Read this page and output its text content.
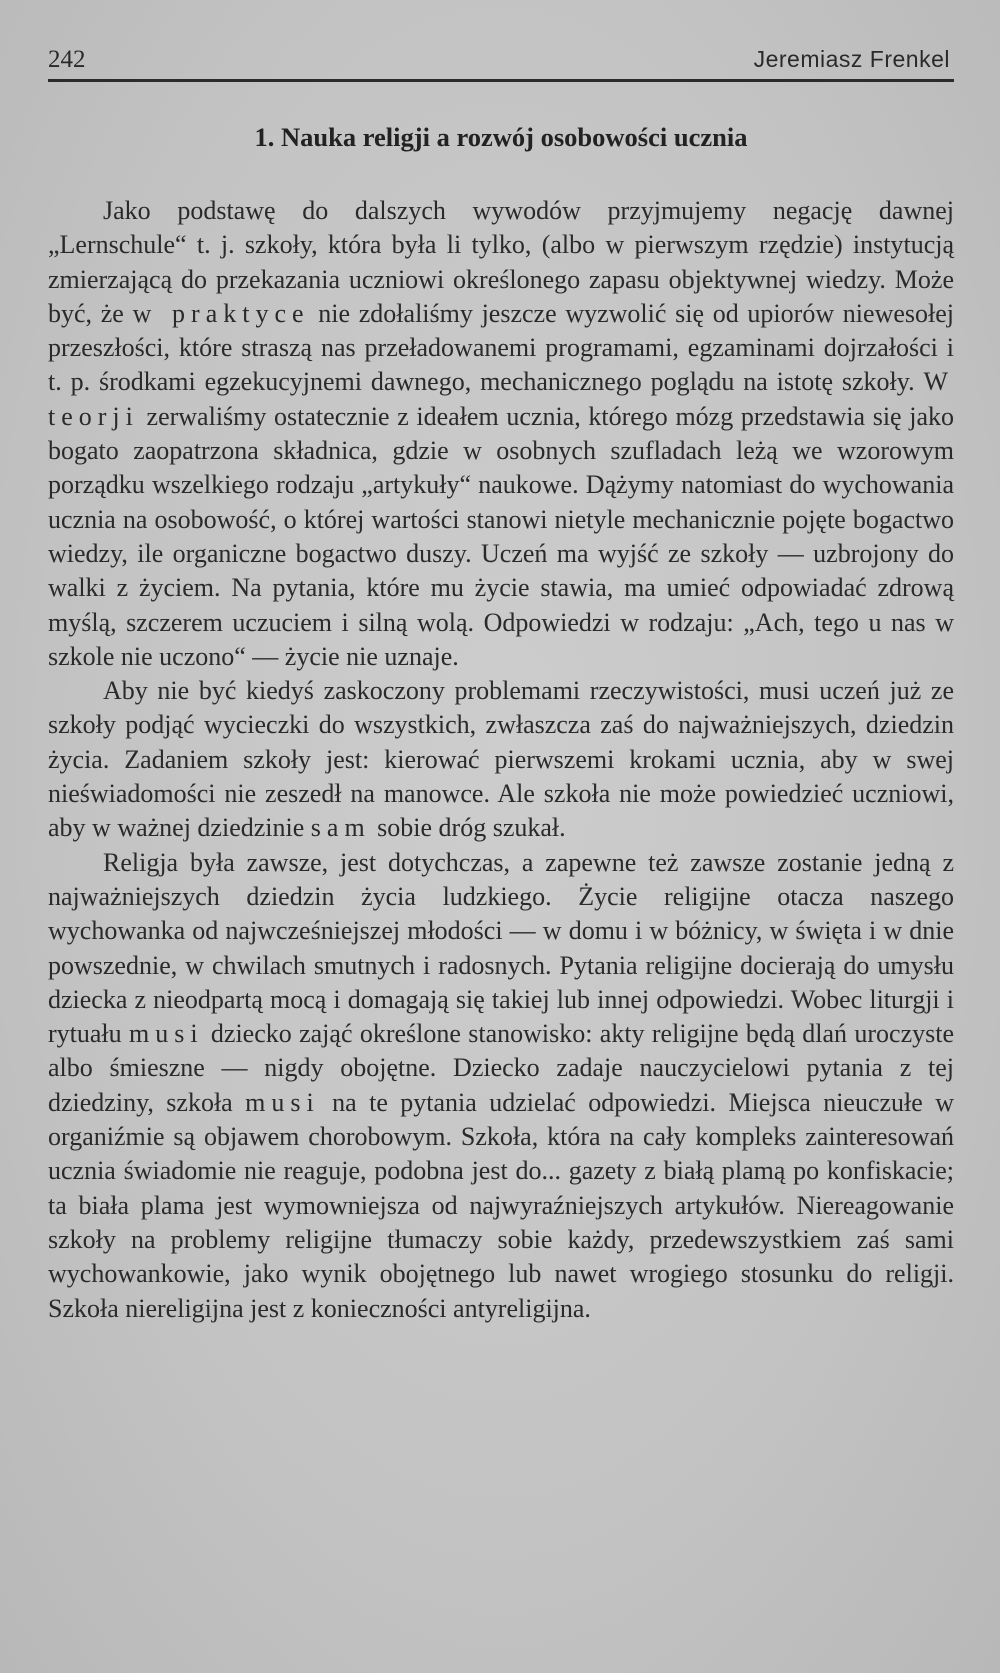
242	Jeremiasz Frenkel
1. Nauka religji a rozwój osobowości ucznia

Jako podstawę do dalszych wywodów przyjmujemy negację dawnej „Lernschule“ t. j. szkoły, która była li tylko, (albo w pierwszym rzędzie) instytucją zmierzającą do przekazania uczniowi określonego zapasu objektywnej wiedzy. Może być, że w praktyce nie zdołaliśmy jeszcze wyzwolić się od upiorów niewesołej przeszłości, które straszą nas przeładowanemi programami, egzaminami dojrzałości i t. p. środkami egzekucyjnemi dawnego, mechanicznego poglądu na istotę szkoły. W teorji zerwaliśmy ostatecznie z ideałem ucznia, którego mózg przedstawia się jako bogato zaopatrzona składnica, gdzie w osobnych szufladach leżą we wzorowym porządku wszelkiego rodzaju „artykuły“ naukowe. Dążymy natomiast do wychowania ucznia na osobowość, o której wartości stanowi nietyle mechanicznie pojęte bogactwo wiedzy, ile organiczne bogactwo duszy. Uczeń ma wyjść ze szkoły — uzbrojony do walki z życiem. Na pytania, które mu życie stawia, ma umieć odpowiadać zdrową myślą, szczerem uczuciem i silną wolą. Odpowiedzi w rodzaju: „Ach, tego u nas w szkole nie uczono“ — życie nie uznaje.

Aby nie być kiedyś zaskoczony problemami rzeczywistości, musi uczeń już ze szkoły podjąć wycieczki do wszystkich, zwłaszcza zaś do najważniejszych, dziedzin życia. Zadaniem szkoły jest: kierować pierwszemi krokami ucznia, aby w swej nieświadomości nie zeszedł na manowce. Ale szkoła nie może powiedzieć uczniowi, aby w ważnej dziedzinie sam sobie dróg szukał.

Religja była zawsze, jest dotychczas, a zapewne też zawsze zostanie jedną z najważniejszych dziedzin życia ludzkiego. Życie religijne otacza naszego wychowanka od najwcześniejszej młodości — w domu i w bóżnicy, w święta i w dnie powszednie, w chwilach smutnych i radosnych. Pytania religijne docierają do umysłu dziecka z nieodpartą mocą i domagają się takiej lub innej odpowiedzi. Wobec liturgji i rytuału musi dziecko zająć określone stanowisko: akty religijne będą dlań uroczyste albo śmieszne — nigdy obojętne. Dziecko zadaje nauczycielowi pytania z tej dziedziny, szkoła musi na te pytania udzielać odpowiedzi. Miejsca nieuczułe w organiźmie są objawem chorobowym. Szkoła, która na cały kompleks zainteresowań ucznia świadomie nie reaguje, podobna jest do... gazety z białą plamą po konfiskacie; ta biała plama jest wymowniejsza od najwyraźniejszych artykułów. Niereagowanie szkoły na problemy religijne tłumaczy sobie każdy, przedewszystkiem zaś sami wychowankowie, jako wynik obojętnego lub nawet wrogiego stosunku do religji. Szkoła niereligijna jest z konieczności antyreligijna.
